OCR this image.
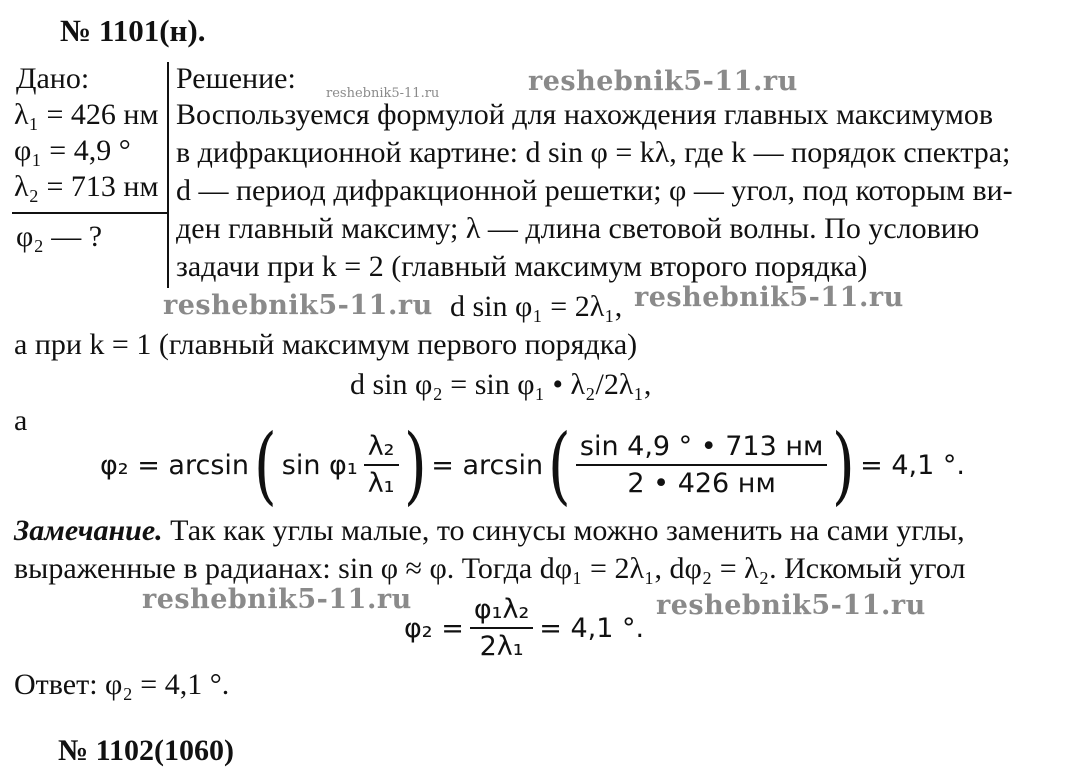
№ 1101(н).
reshebnik5-11.ru
reshebnik5-11.ru
reshebnik5-11.ru	reshebnik5-11.ru
reshebnik5-11.ru	reshebnik5-11.ru
Дано:
λ₁ = 426 нм
φ₁ = 4,9 °
λ₂ = 713 нм
φ₂ — ?
Решение:
Воспользуемся формулой для нахождения главных максимумов
в дифракционной картине: d sin φ = kλ, где k — порядок спектра;
d — период дифракционной решетки; φ — угол, под которым ви-
ден главный максиму; λ — длина световой волны. По условию
задачи при k = 2 (главный максимум второго порядка)
d sin φ₁ = 2λ₁,
а при k = 1 (главный максимум первого порядка)
d sin φ₂ = sin φ₁ • λ₂/2λ₁,
а
φ₂ = arcsin ( $\sin \varphi_1 \frac{\text{λ₂}}{\text{λ₁}}$ ) = arcsin ( $\frac{\sin 4,9 ^\circ • 713 нм}{2 • 426 нм}$ ) = 4,1 °.
Замечание. Так как углы малые, то синусы можно заменить на сами углы,
выраженные в радианах: sin φ ≈ φ. Тогда dφ₁ = 2λ₁, dφ₂ = λ₂. Искомый угол
$\varphi_2 = \frac{\text{φ₁λ₂}}{\text{2λ₁}} = 4,1$ °.
Ответ: φ₂ = 4,1 °.
№ 1102(1060)
